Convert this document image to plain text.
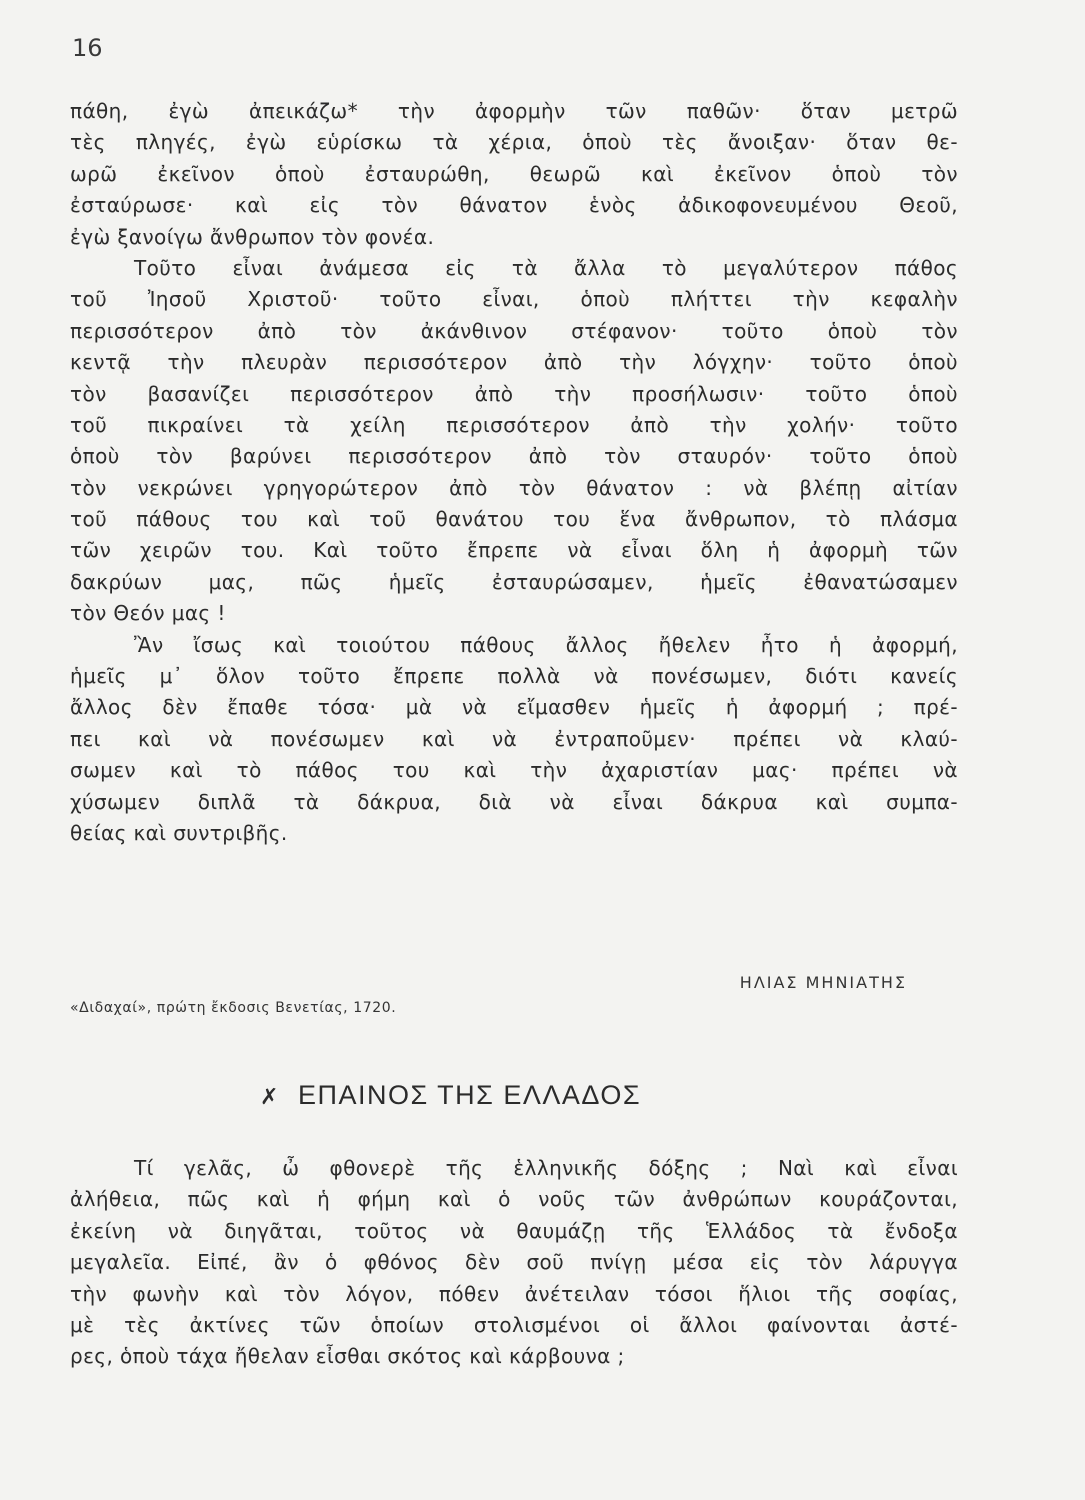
16
πάθη, ἐγὼ ἀπεικάζω* τὴν ἀφορμὴν τῶν παθῶν· ὅταν μετρῶ
τὲς πληγές, ἐγὼ εὑρίσκω τὰ χέρια, ὁποὺ τὲς ἄνοιξαν· ὅταν θε-
ωρῶ ἐκεῖνον ὁποὺ ἐσταυρώθη, θεωρῶ καὶ ἐκεῖνον ὁποὺ τὸν
ἐσταύρωσε· καὶ εἰς τὸν θάνατον ἑνὸς ἀδικοφονευμένου Θεοῦ,
ἐγὼ ξανοίγω ἄνθρωπον τὸν φονέα.
Τοῦτο εἶναι ἀνάμεσα εἰς τὰ ἄλλα τὸ μεγαλύτερον πάθος
τοῦ Ἰησοῦ Χριστοῦ· τοῦτο εἶναι, ὁποὺ πλήττει τὴν κεφαλὴν
περισσότερον ἀπὸ τὸν ἀκάνθινον στέφανον· τοῦτο ὁποὺ τὸν
κεντᾷ τὴν πλευρὰν περισσότερον ἀπὸ τὴν λόγχην· τοῦτο ὁποὺ
τὸν βασανίζει περισσότερον ἀπὸ τὴν προσήλωσιν· τοῦτο ὁποὺ
τοῦ πικραίνει τὰ χείλη περισσότερον ἀπὸ τὴν χολήν· τοῦτο
ὁποὺ τὸν βαρύνει περισσότερον ἀπὸ τὸν σταυρόν· τοῦτο ὁποὺ
τὸν νεκρώνει γρηγορώτερον ἀπὸ τὸν θάνατον : νὰ βλέπῃ αἰτίαν
τοῦ πάθους του καὶ τοῦ θανάτου του ἕνα ἄνθρωπον, τὸ πλάσμα
τῶν χειρῶν του. Καὶ τοῦτο ἔπρεπε νὰ εἶναι ὅλη ἡ ἀφορμὴ τῶν
δακρύων μας, πῶς ἡμεῖς ἐσταυρώσαμεν, ἡμεῖς ἐθανατώσαμεν
τὸν Θεόν μας !
Ἂν ἴσως καὶ τοιούτου πάθους ἄλλος ἤθελεν ἦτο ἡ ἀφορμή,
ἡμεῖς μ᾽ ὅλον τοῦτο ἔπρεπε πολλὰ νὰ πονέσωμεν, διότι κανείς
ἄλλος δὲν ἔπαθε τόσα· μὰ νὰ εἴμασθεν ἡμεῖς ἡ ἀφορμή ; πρέ-
πει καὶ νὰ πονέσωμεν καὶ νὰ ἐντραποῦμεν· πρέπει νὰ κλαύ-
σωμεν καὶ τὸ πάθος του καὶ τὴν ἀχαριστίαν μας· πρέπει νὰ
χύσωμεν διπλᾶ τὰ δάκρυα, διὰ νὰ εἶναι δάκρυα καὶ συμπα-
θείας καὶ συντριβῆς.
ΗΛΙΑΣ ΜΗΝΙΑΤΗΣ
«Διδαχαί», πρώτη ἔκδοσις Βενετίας, 1720.
✗ ΕΠΑΙΝΟΣ ΤΗΣ ΕΛΛΑΔΟΣ
Τί γελᾶς, ὦ φθονερὲ τῆς ἑλληνικῆς δόξης ; Ναὶ καὶ εἶναι
ἀλήθεια, πῶς καὶ ἡ φήμη καὶ ὁ νοῦς τῶν ἀνθρώπων κουράζονται,
ἐκείνη νὰ διηγᾶται, τοῦτος νὰ θαυμάζῃ τῆς Ἑλλάδος τὰ ἔνδοξα
μεγαλεῖα. Εἰπέ, ἂν ὁ φθόνος δὲν σοῦ πνίγῃ μέσα εἰς τὸν λάρυγγα
τὴν φωνὴν καὶ τὸν λόγον, πόθεν ἀνέτειλαν τόσοι ἥλιοι τῆς σοφίας,
μὲ τὲς ἀκτίνες τῶν ὁποίων στολισμένοι οἱ ἄλλοι φαίνονται ἀστέ-
ρες, ὁποὺ τάχα ἤθελαν εἶσθαι σκότος καὶ κάρβουνα ;
